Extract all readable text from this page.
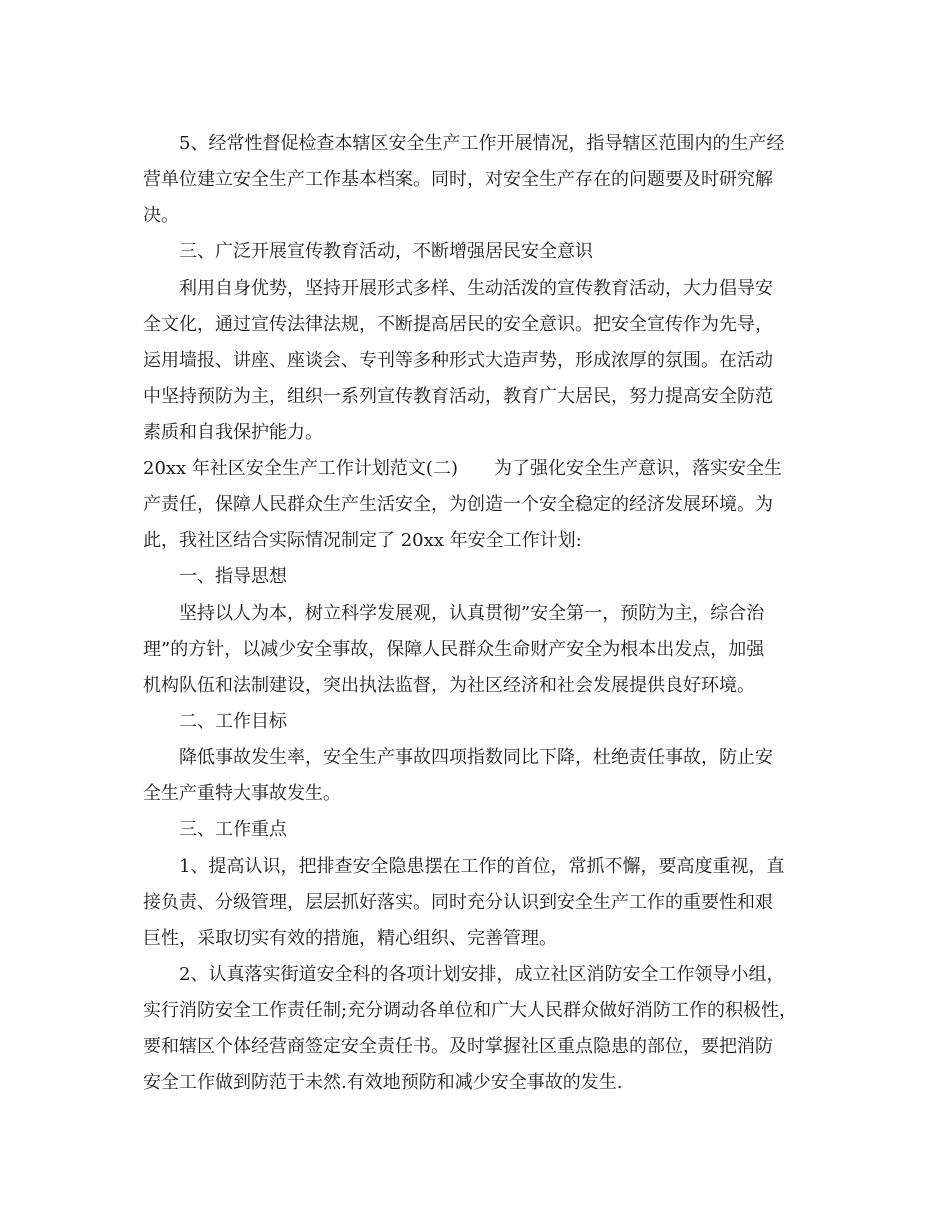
5、经常性督促检查本辖区安全生产工作开展情况，指导辖区范围内的生产经
营单位建立安全生产工作基本档案。同时，对安全生产存在的问题要及时研究解
决。
三、广泛开展宣传教育活动，不断增强居民安全意识
利用自身优势，坚持开展形式多样、生动活泼的宣传教育活动，大力倡导安
全文化，通过宣传法律法规，不断提高居民的安全意识。把安全宣传作为先导，
运用墙报、讲座、座谈会、专刊等多种形式大造声势，形成浓厚的氛围。在活动
中坚持预防为主，组织一系列宣传教育活动，教育广大居民，努力提高安全防范
素质和自我保护能力。
20xx 年社区安全生产工作计划范文(二)　　为了强化安全生产意识，落实安全生
产责任，保障人民群众生产生活安全，为创造一个安全稳定的经济发展环境。为
此，我社区结合实际情况制定了 20xx 年安全工作计划:
一、指导思想
坚持以人为本，树立科学发展观，认真贯彻”安全第一，预防为主，综合治
理”的方针，以减少安全事故，保障人民群众生命财产安全为根本出发点，加强
机构队伍和法制建设，突出执法监督，为社区经济和社会发展提供良好环境。
二、工作目标
降低事故发生率，安全生产事故四项指数同比下降，杜绝责任事故，防止安
全生产重特大事故发生。
三、工作重点
1、提高认识，把排查安全隐患摆在工作的首位，常抓不懈，要高度重视，直
接负责、分级管理，层层抓好落实。同时充分认识到安全生产工作的重要性和艰
巨性，采取切实有效的措施，精心组织、完善管理。
2、认真落实街道安全科的各项计划安排，成立社区消防安全工作领导小组，
实行消防安全工作责任制;充分调动各单位和广大人民群众做好消防工作的积极性，
要和辖区个体经营商签定安全责任书。及时掌握社区重点隐患的部位，要把消防
安全工作做到防范于未然.有效地预防和减少安全事故的发生.
